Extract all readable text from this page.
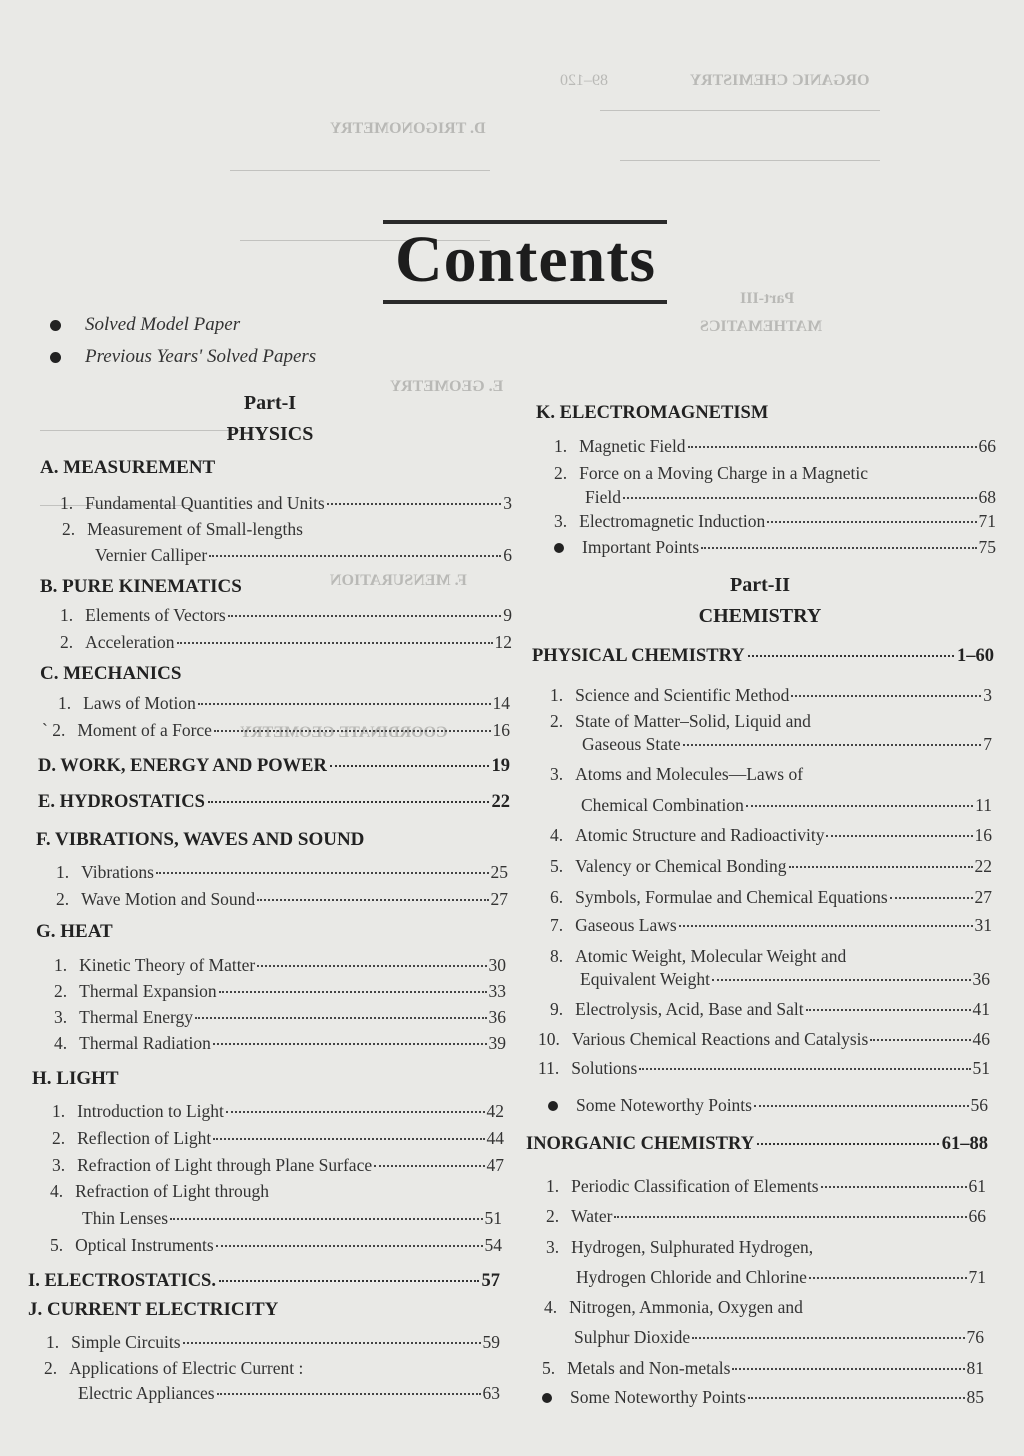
ORGANIC CHEMISTRY
89–120
D. TRIGONOMETRY
Part-III
MATHEMATICS
E. GEOMETRY
F. MENSURATION
COORDINATE GEOMETRY
Contents
Solved Model Paper
Previous Years' Solved Papers
Part-I
PHYSICS
A. MEASUREMENT
1. Fundamental Quantities and Units	3
2. Measurement of Small-lengths
Vernier Calliper	6
B. PURE KINEMATICS
1. Elements of Vectors	9
2. Acceleration	12
C. MECHANICS
1. Laws of Motion	14
` 2. Moment of a Force	16
D. WORK, ENERGY AND POWER	19
E. HYDROSTATICS	22
F. VIBRATIONS, WAVES AND SOUND
1. Vibrations	25
2. Wave Motion and Sound	27
G. HEAT
1. Kinetic Theory of Matter	30
2. Thermal Expansion	33
3. Thermal Energy	36
4. Thermal Radiation	39
H. LIGHT
1. Introduction to Light	42
2. Reflection of Light	44
3. Refraction of Light through Plane Surface	47
4. Refraction of Light through
Thin Lenses	51
5. Optical Instruments	54
I. ELECTROSTATICS.	57
J. CURRENT ELECTRICITY
1. Simple Circuits	59
2. Applications of Electric Current :
Electric Appliances	63
K. ELECTROMAGNETISM
1. Magnetic Field	66
2. Force on a Moving Charge in a Magnetic
Field	68
3. Electromagnetic Induction	71
Important Points	75
Part-II
CHEMISTRY
PHYSICAL CHEMISTRY	1–60
1. Science and Scientific Method	3
2. State of Matter–Solid, Liquid and
Gaseous State	7
3. Atoms and Molecules—Laws of
Chemical Combination	11
4. Atomic Structure and Radioactivity	16
5. Valency or Chemical Bonding	22
6. Symbols, Formulae and Chemical Equations	27
7. Gaseous Laws	31
8. Atomic Weight, Molecular Weight and
Equivalent Weight	36
9. Electrolysis, Acid, Base and Salt	41
10. Various Chemical Reactions and Catalysis	46
11. Solutions	51
Some Noteworthy Points	56
INORGANIC CHEMISTRY	61–88
1. Periodic Classification of Elements	61
2. Water	66
3. Hydrogen, Sulphurated Hydrogen,
Hydrogen Chloride and Chlorine	71
4. Nitrogen, Ammonia, Oxygen and
Sulphur Dioxide	76
5. Metals and Non-metals	81
Some Noteworthy Points	85
